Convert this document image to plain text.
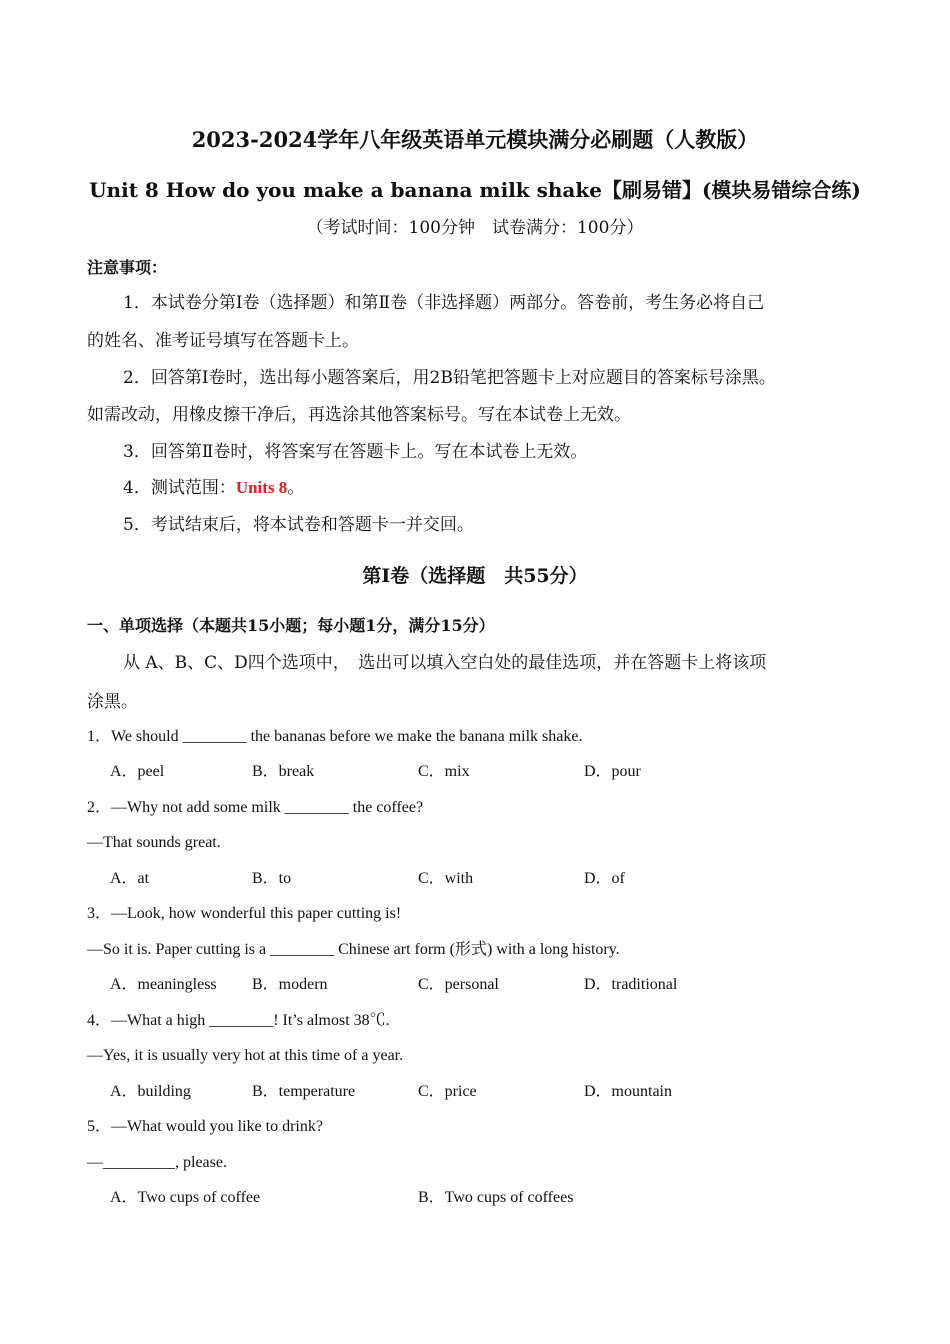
2023-2024学年八年级英语单元模块满分必刷题（人教版）
Unit 8 How do you make a banana milk shake【刷易错】(模块易错综合练)
（考试时间：100分钟　试卷满分：100分）
注意事项：
1．本试卷分第Ⅰ卷（选择题）和第Ⅱ卷（非选择题）两部分。答卷前，考生务必将自己
的姓名、准考证号填写在答题卡上。
2．回答第Ⅰ卷时，选出每小题答案后，用2B铅笔把答题卡上对应题目的答案标号涂黑。
如需改动，用橡皮擦干净后，再选涂其他答案标号。写在本试卷上无效。
3．回答第Ⅱ卷时，将答案写在答题卡上。写在本试卷上无效。
4．测试范围：Units 8。
5．考试结束后，将本试卷和答题卡一并交回。
第I卷（选择题　共55分）
一、单项选择（本题共15小题；每小题1分，满分15分）
从 A、B、C、D四个选项中，　选出可以填入空白处的最佳选项，并在答题卡上将该项
涂黑。
1．We should ________ the bananas before we make the banana milk shake.
A．peel	B．break	C．mix	D．pour
2．—Why not add some milk ________ the coffee?
—That sounds great.
A．at	B．to	C．with	D．of
3．—Look, how wonderful this paper cutting is!
—So it is. Paper cutting is a ________ Chinese art form (形式) with a long history.
A．meaningless B．modern	C．personal	D．traditional
4．—What a high ________! It’s almost 38℃.
—Yes, it is usually very hot at this time of a year.
A．building	B．temperature	C．price	D．mountain
5．—What would you like to drink?
—_________, please.
A．Two cups of coffee	B．Two cups of coffees
